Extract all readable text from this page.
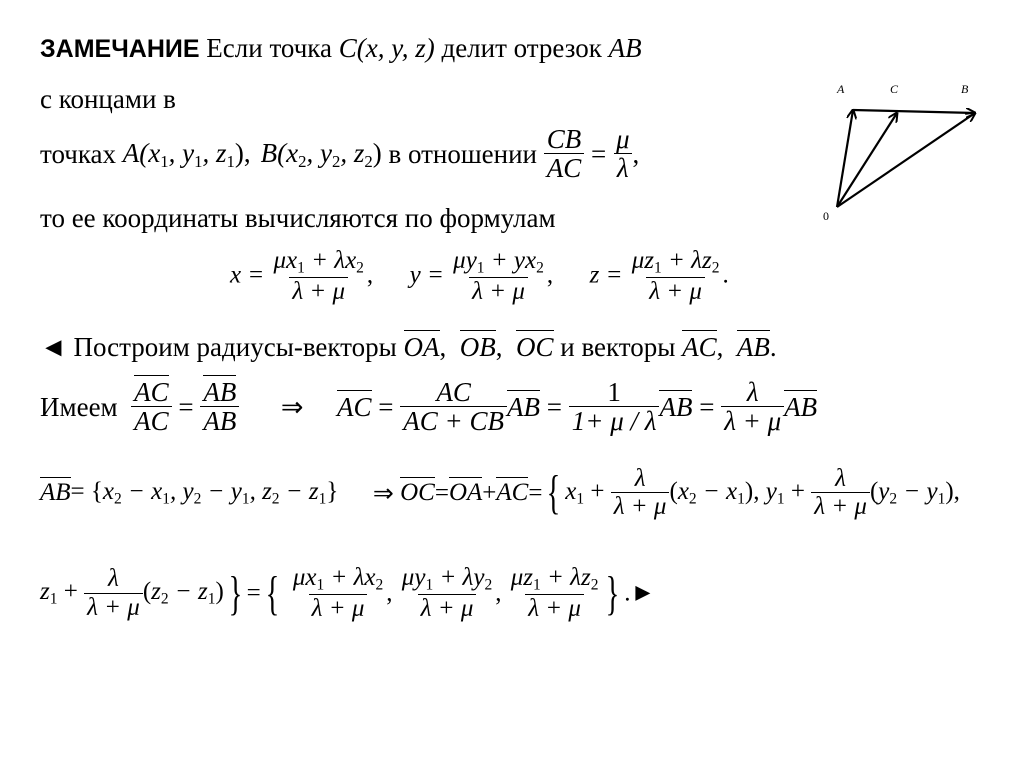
ЗАМЕЧАНИЕ Если точка C(x, y, z) делит отрезок AB
с концами в
точках $A(x_1$, $y_1$, $z_1$), $B(x_2$, $y_2$, $z_2$) в отношении $\frac{CB}{AC} = \frac{\mu}{\lambda}$ ,
то ее координаты вычисляются по формулам
$x = \frac{\mu x_1 + \lambda x_2}{\lambda + \mu}$ , $y = \frac{\mu y_1 + yx_2}{\lambda + \mu}$ , $z = \frac{\mu z_1 + \lambda z_2}{\lambda + \mu}$ .
◄ Построим радиусы-векторы OA,  OB,  OC и векторы AC,  AB.
Имеем $\frac{AC}{AC} = \frac{AB}{AB}$ ⇒ AC = $\frac{AC}{AC + CB}$ AB = $\frac{1}{1+ \mu / \lambda}$ AB = $\frac{\lambda}{\lambda + \mu}$ AB
$AB= \{x_2 - x_1$, $y_2 - y_1$, $z_2 - z_1$} ⇒ OC=OA+AC={ $x_1 + \frac{\lambda}{\lambda + \mu} (x_2 - x_1)$, $y_1 + \frac{\lambda}{\lambda + \mu} (y_2 - y_1)$,
$z_1 + \frac{\lambda}{\lambda + \mu} (z_2 - z_1)$} ={ $\frac{\mu x_1 + \lambda x_2}{\lambda + \mu}$ , $\frac{\mu y_1 + \lambda y_2}{\lambda + \mu}$ , $\frac{\mu z_1 + \lambda z_2}{\lambda + \mu}$ } .►
A	C	B
0
